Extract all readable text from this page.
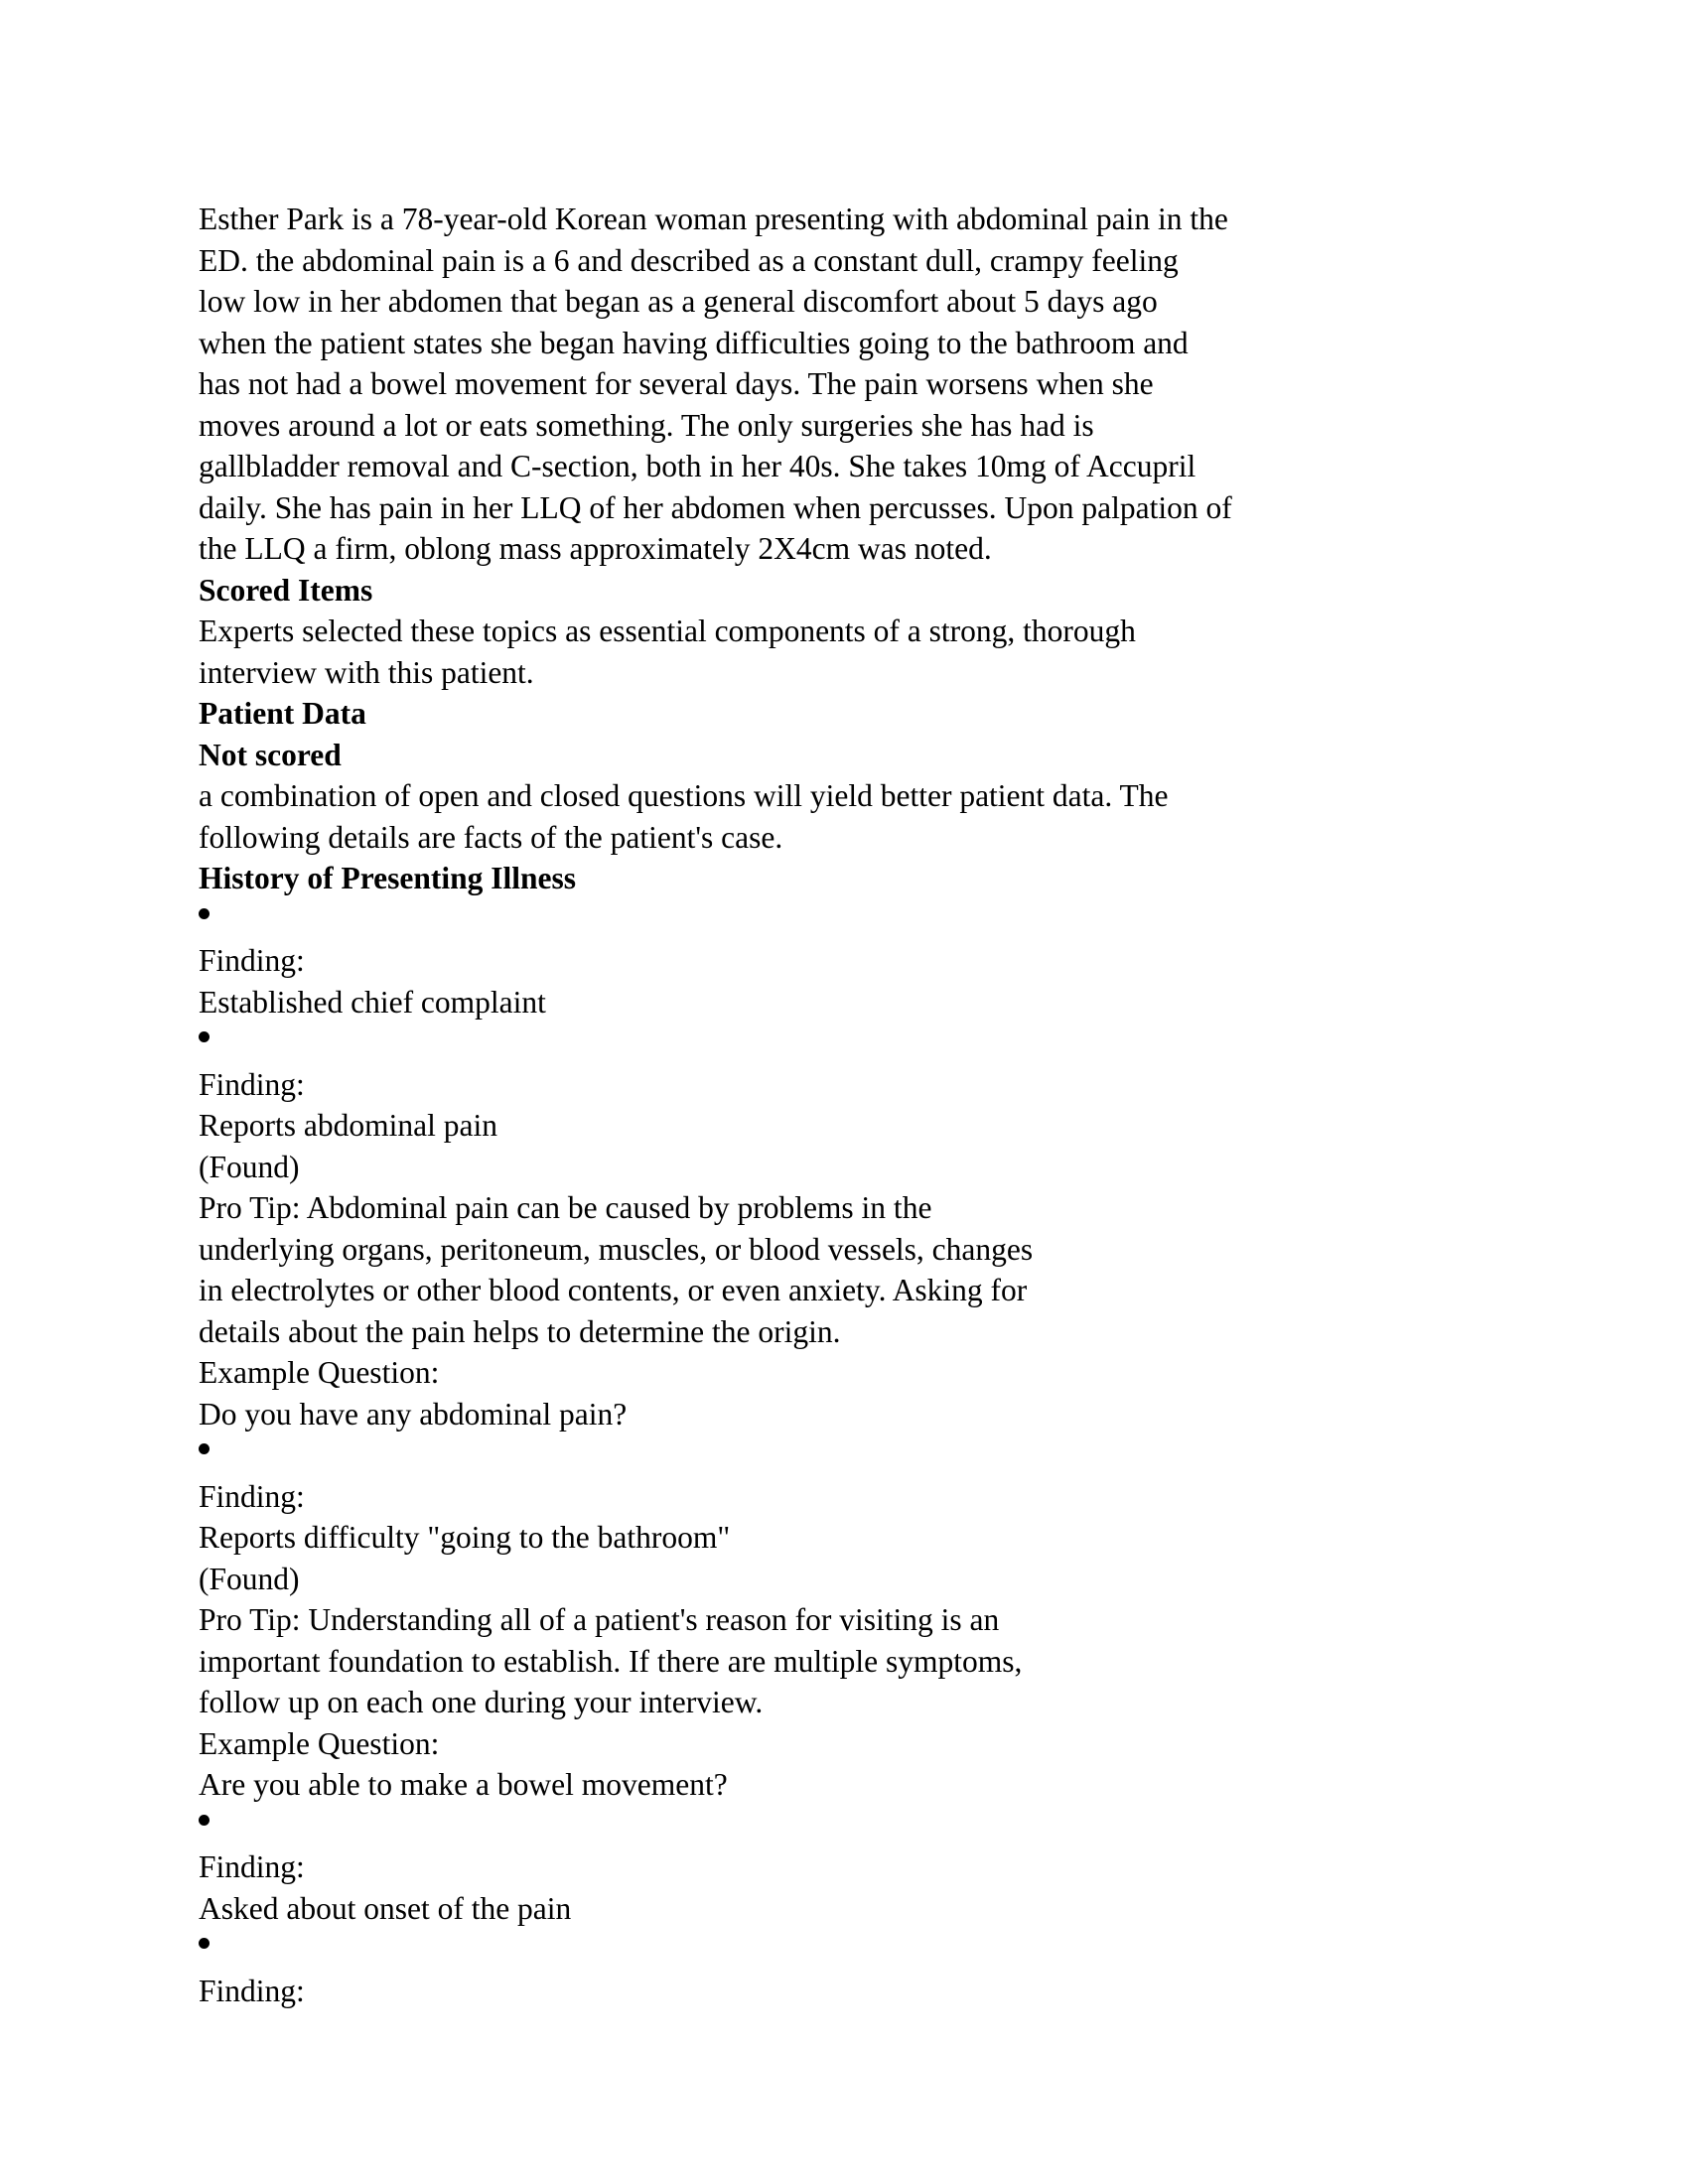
Esther Park is a 78-year-old Korean woman presenting with abdominal pain in the
ED. the abdominal pain is a 6 and described as a constant dull, crampy feeling
low low in her abdomen that began as a general discomfort about 5 days ago
when the patient states she began having difficulties going to the bathroom and
has not had a bowel movement for several days. The pain worsens when she
moves around a lot or eats something. The only surgeries she has had is
gallbladder removal and C-section, both in her 40s. She takes 10mg of Accupril
daily. She has pain in her LLQ of her abdomen when percusses. Upon palpation of
the LLQ a firm, oblong mass approximately 2X4cm was noted.
Scored Items
Experts selected these topics as essential components of a strong, thorough
interview with this patient.
Patient Data
Not scored
a combination of open and closed questions will yield better patient data. The
following details are facts of the patient's case.
History of Presenting Illness
Finding:
Established chief complaint
Finding:
Reports abdominal pain
(Found)
Pro Tip: Abdominal pain can be caused by problems in the
underlying organs, peritoneum, muscles, or blood vessels, changes
in electrolytes or other blood contents, or even anxiety. Asking for
details about the pain helps to determine the origin.
Example Question:
Do you have any abdominal pain?
Finding:
Reports difficulty "going to the bathroom"
(Found)
Pro Tip: Understanding all of a patient's reason for visiting is an
important foundation to establish. If there are multiple symptoms,
follow up on each one during your interview.
Example Question:
Are you able to make a bowel movement?
Finding:
Asked about onset of the pain
Finding:
